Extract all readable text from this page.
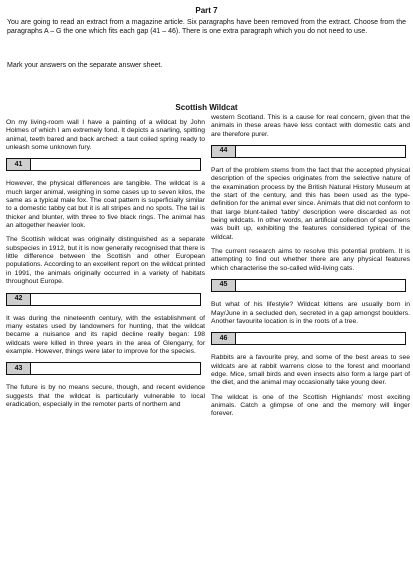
Part 7

You are going to read an extract from a magazine article. Six paragraphs have been removed from the extract. Choose from the paragraphs A – G the one which fits each gap (41 – 46). There is one extra paragraph which you do not need to use.

Mark your answers on the separate answer sheet.

Scottish Wildcat

On my living-room wall I have a painting of a wildcat by John Holmes of which I am extremely fond. It depicts a snarling, spitting animal, teeth bared and back arched: a taut coiled spring ready to unleash some unknown fury.

41

However, the physical differences are tangible. The wildcat is a much larger animal, weighing in some cases up to seven kilos, the same as a typical male fox. The coat pattern is superficially similar to a domestic tabby cat but it is all stripes and no spots. The tail is thicker and blunter, with three to five black rings. The animal has an altogether heavier look.

The Scottish wildcat was originally distinguished as a separate subspecies in 1912, but it is now generally recognised that there is little difference between the Scottish and other European populations. According to an excellent report on the wildcat printed in 1991, the animals originally occurred in a variety of habitats throughout Europe.

42

It was during the nineteenth century, with the establishment of many estates used by landowners for hunting, that the wildcat became a nuisance and its rapid decline really began: 198 wildcats were killed in three years in the area of Glengarry, for example. However, things were later to improve for the species.

43

The future is by no means secure, though, and recent evidence suggests that the wildcat is particularly vulnerable to local eradication, especially in the remoter parts of northern and

western Scotland. This is a cause for real concern, given that the animals in these areas have less contact with domestic cats and are therefore purer.

44

Part of the problem stems from the fact that the accepted physical description of the species originates from the selective nature of the examination process by the British Natural History Museum at the start of the century, and this has been used as the type-definition for the animal ever since. Animals that did not conform to that large blunt-tailed 'tabby' description were discarded as not being wildcats. In other words, an artificial collection of specimens was built up, exhibiting the features considered typical of the wildcat.

The current research aims to resolve this potential problem. It is attempting to find out whether there are any physical features which characterise the so-called wild-living cats.

45

But what of his lifestyle? Wildcat kittens are usually born in May/June in a secluded den, secreted in a gap amongst boulders. Another favourite location is in the roots of a tree.

46

Rabbits are a favourite prey, and some of the best areas to see wildcats are at rabbit warrens close to the forest and moorland edge. Mice, small birds and even insects also form a large part of the diet, and the animal may occasionally take young deer.

The wildcat is one of the Scottish Highlands' most exciting animals. Catch a glimpse of one and the memory will linger forever.
